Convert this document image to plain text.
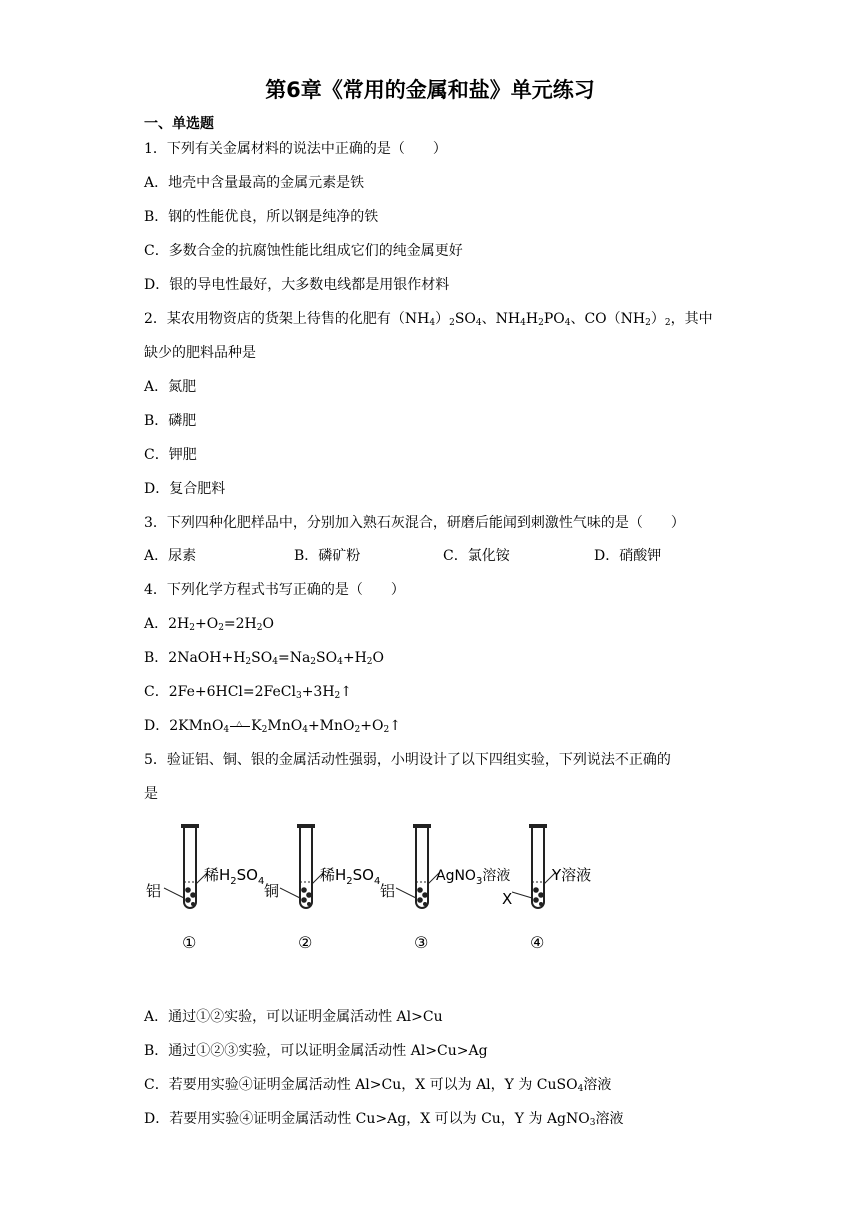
第6章《常用的金属和盐》单元练习
一、单选题
1．下列有关金属材料的说法中正确的是（　　）
A．地壳中含量最高的金属元素是铁
B．钢的性能优良，所以钢是纯净的铁
C．多数合金的抗腐蚀性能比组成它们的纯金属更好
D．银的导电性最好，大多数电线都是用银作材料
2．某农用物资店的货架上待售的化肥有$(NH_4)_2SO_4$、$NH_4H_2PO_4$、$CO(NH_2)_2$，其中
缺少的肥料品种是
A．氮肥
B．磷肥
C．钾肥
D．复合肥料
3．下列四种化肥样品中，分别加入熟石灰混合，研磨后能闻到刺激性气味的是（　　）
A．尿素	B．磷矿粉	C．氯化铵	D．硝酸钾
4．下列化学方程式书写正确的是（　　）
A．$2H_2+O_2=2H_2O$
B．$2NaOH+H_2SO_4=Na_2SO_4+H_2O$
C．$2Fe+6HCl=2FeCl_3+3H_2↑$
D．2KMnO$_4$
△ $K_2MnO_4+MnO_2+O_2↑$
5．验证铝、铜、银的金属活动性强弱，小明设计了以下四组实验，下列说法不正确的
是
铝
稀$H_2SO_4$
①
铜
稀$H_2SO_4$
②
铝
AgNO$_3$溶液
③
X
Y溶液
④
A．通过①②实验，可以证明金属活动性 Al>Cu
B．通过①②③实验，可以证明金属活动性 Al>Cu>Ag
C．若要用实验④证明金属活动性 Al>Cu，X 可以为 Al，Y 为 CuSO$_4$溶液
D．若要用实验④证明金属活动性 Cu>Ag，X 可以为 Cu，Y 为 AgNO$_3$溶液
